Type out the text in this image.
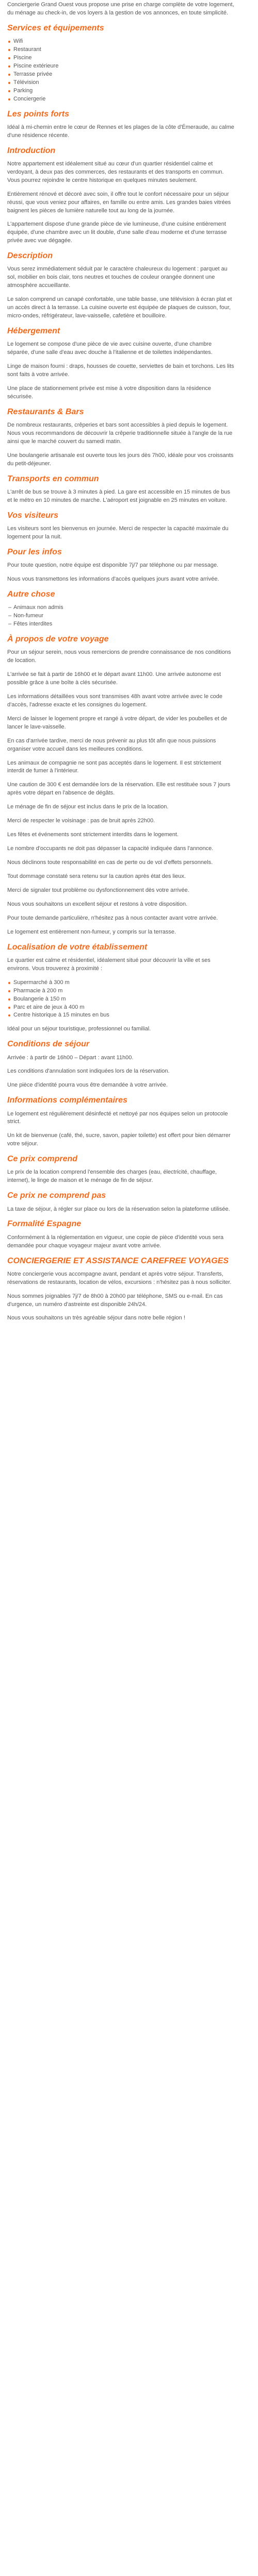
Conciergerie Grand Ouest vous propose une prise en charge complète de votre logement, du ménage au check-in, de vos loyers à la gestion de vos annonces, en toute simplicité.

Services et équipements
Wifi
Restaurant
Piscine
Piscine extérieure
Terrasse privée
Télévision
Parking
Conciergerie
Les points forts

Idéal à mi-chemin entre le cœur de Rennes et les plages de la côte d'Émeraude, au calme d'une résidence récente.

Introduction

Notre appartement est idéalement situé au cœur d'un quartier résidentiel calme et verdoyant, à deux pas des commerces, des restaurants et des transports en commun. Vous pourrez rejoindre le centre historique en quelques minutes seulement.

Entièrement rénové et décoré avec soin, il offre tout le confort nécessaire pour un séjour réussi, que vous veniez pour affaires, en famille ou entre amis. Les grandes baies vitrées baignent les pièces de lumière naturelle tout au long de la journée.

L'appartement dispose d'une grande pièce de vie lumineuse, d'une cuisine entièrement équipée, d'une chambre avec un lit double, d'une salle d'eau moderne et d'une terrasse privée avec vue dégagée.

Description

Vous serez immédiatement séduit par le caractère chaleureux du logement : parquet au sol, mobilier en bois clair, tons neutres et touches de couleur orangée donnent une atmosphère accueillante.

Le salon comprend un canapé confortable, une table basse, une télévision à écran plat et un accès direct à la terrasse. La cuisine ouverte est équipée de plaques de cuisson, four, micro-ondes, réfrigérateur, lave-vaisselle, cafetière et bouilloire.

Hébergement

Le logement se compose d'une pièce de vie avec cuisine ouverte, d'une chambre séparée, d'une salle d'eau avec douche à l'italienne et de toilettes indépendantes.

Linge de maison fourni : draps, housses de couette, serviettes de bain et torchons. Les lits sont faits à votre arrivée.

Une place de stationnement privée est mise à votre disposition dans la résidence sécurisée.

Restaurants & Bars

De nombreux restaurants, crêperies et bars sont accessibles à pied depuis le logement. Nous vous recommandons de découvrir la crêperie traditionnelle située à l'angle de la rue ainsi que le marché couvert du samedi matin.

Une boulangerie artisanale est ouverte tous les jours dès 7h00, idéale pour vos croissants du petit-déjeuner.

Transports en commun

L'arrêt de bus se trouve à 3 minutes à pied. La gare est accessible en 15 minutes de bus et le métro en 10 minutes de marche. L'aéroport est joignable en 25 minutes en voiture.

Vos visiteurs

Les visiteurs sont les bienvenus en journée. Merci de respecter la capacité maximale du logement pour la nuit.

Pour les infos

Pour toute question, notre équipe est disponible 7j/7 par téléphone ou par message.

Nous vous transmettons les informations d'accès quelques jours avant votre arrivée.

Autre chose
– Animaux non admis
– Non-fumeur
– Fêtes interdites
À propos de votre voyage

Pour un séjour serein, nous vous remercions de prendre connaissance de nos conditions de location.

L'arrivée se fait à partir de 16h00 et le départ avant 11h00. Une arrivée autonome est possible grâce à une boîte à clés sécurisée.

Les informations détaillées vous sont transmises 48h avant votre arrivée avec le code d'accès, l'adresse exacte et les consignes du logement.

Merci de laisser le logement propre et rangé à votre départ, de vider les poubelles et de lancer le lave-vaisselle.

En cas d'arrivée tardive, merci de nous prévenir au plus tôt afin que nous puissions organiser votre accueil dans les meilleures conditions.

Les animaux de compagnie ne sont pas acceptés dans le logement. Il est strictement interdit de fumer à l'intérieur.

Une caution de 300 € est demandée lors de la réservation. Elle est restituée sous 7 jours après votre départ en l'absence de dégâts.

Le ménage de fin de séjour est inclus dans le prix de la location.

Merci de respecter le voisinage : pas de bruit après 22h00.

Les fêtes et événements sont strictement interdits dans le logement.

Le nombre d'occupants ne doit pas dépasser la capacité indiquée dans l'annonce.

Nous déclinons toute responsabilité en cas de perte ou de vol d'effets personnels.

Tout dommage constaté sera retenu sur la caution après état des lieux.

Merci de signaler tout problème ou dysfonctionnement dès votre arrivée.

Nous vous souhaitons un excellent séjour et restons à votre disposition.

Pour toute demande particulière, n'hésitez pas à nous contacter avant votre arrivée.

Le logement est entièrement non-fumeur, y compris sur la terrasse.

Localisation de votre établissement

Le quartier est calme et résidentiel, idéalement situé pour découvrir la ville et ses environs. Vous trouverez à proximité :

Supermarché à 300 m
Pharmacie à 200 m
Boulangerie à 150 m
Parc et aire de jeux à 400 m
Centre historique à 15 minutes en bus

Idéal pour un séjour touristique, professionnel ou familial.

Conditions de séjour

Arrivée : à partir de 16h00 – Départ : avant 11h00.

Les conditions d'annulation sont indiquées lors de la réservation.

Une pièce d'identité pourra vous être demandée à votre arrivée.

Informations complémentaires

Le logement est régulièrement désinfecté et nettoyé par nos équipes selon un protocole strict.

Un kit de bienvenue (café, thé, sucre, savon, papier toilette) est offert pour bien démarrer votre séjour.

Ce prix comprend

Le prix de la location comprend l'ensemble des charges (eau, électricité, chauffage, internet), le linge de maison et le ménage de fin de séjour.

Ce prix ne comprend pas

La taxe de séjour, à régler sur place ou lors de la réservation selon la plateforme utilisée.

Formalité Espagne

Conformément à la réglementation en vigueur, une copie de pièce d'identité vous sera demandée pour chaque voyageur majeur avant votre arrivée.

CONCIERGERIE ET ASSISTANCE CAREFREE VOYAGES

Notre conciergerie vous accompagne avant, pendant et après votre séjour. Transferts, réservations de restaurants, location de vélos, excursions : n'hésitez pas à nous solliciter.

Nous sommes joignables 7j/7 de 8h00 à 20h00 par téléphone, SMS ou e-mail. En cas d'urgence, un numéro d'astreinte est disponible 24h/24.

Nous vous souhaitons un très agréable séjour dans notre belle région !
